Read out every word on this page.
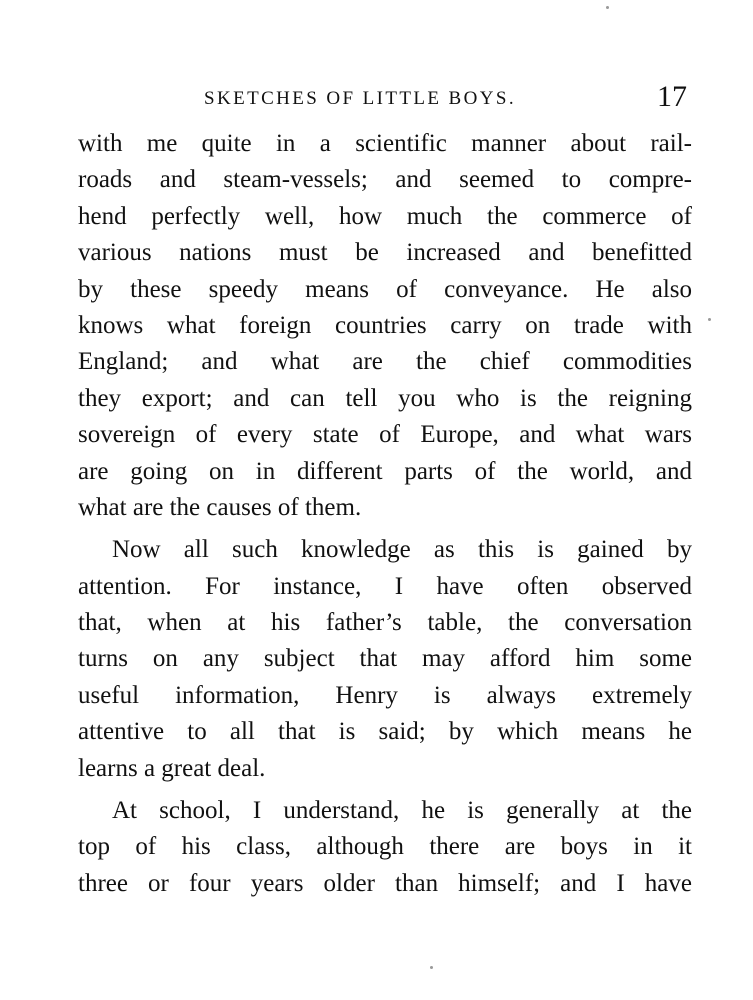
SKETCHES OF LITTLE BOYS.	17
with me quite in a scientific manner about rail-
roads and steam-vessels; and seemed to compre-
hend perfectly well, how much the commerce of
various nations must be increased and benefitted
by these speedy means of conveyance. He also
knows what foreign countries carry on trade with
England; and what are the chief commodities
they export; and can tell you who is the reigning
sovereign of every state of Europe, and what wars
are going on in different parts of the world, and
what are the causes of them.
Now all such knowledge as this is gained by
attention. For instance, I have often observed
that, when at his father’s table, the conversation
turns on any subject that may afford him some
useful information, Henry is always extremely
attentive to all that is said; by which means he
learns a great deal.
At school, I understand, he is generally at the
top of his class, although there are boys in it
three or four years older than himself; and I have
